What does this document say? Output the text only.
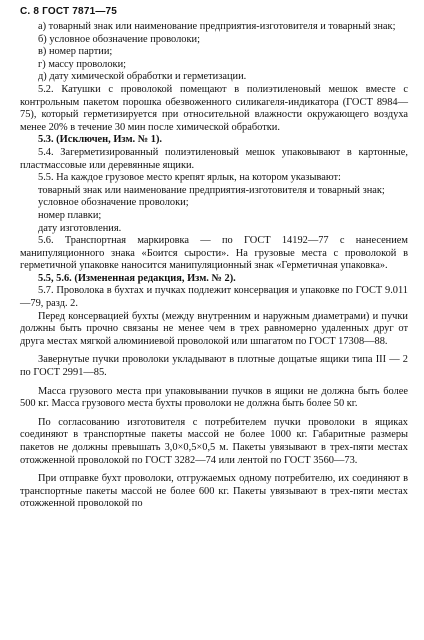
С. 8 ГОСТ 7871—75

а) товарный знак или наименование предприятия-изготовителя и товарный знак;

б) условное обозначение проволоки;

в) номер партии;

г) массу проволоки;

д) дату химической обработки и герметизации.

5.2. Катушки с проволокой помещают в полиэтиленовый мешок вместе с контрольным пакетом порошка обезвоженного силикагеля-индикатора (ГОСТ 8984—75), который герметизируется при относительной влажности окружающего воздуха менее 20% в течение 30 мин после химической обработки.

5.3. (Исключен, Изм. № 1).

5.4. Загерметизированный полиэтиленовый мешок упаковывают в картонные, пластмассовые или деревянные ящики.

5.5. На каждое грузовое место крепят ярлык, на котором указывают:

товарный знак или наименование предприятия-изготовителя и товарный знак;

условное обозначение проволоки;

номер плавки;

дату изготовления.

5.6. Транспортная маркировка — по ГОСТ 14192—77 с нанесением манипуляционного знака «Боится сырости». На грузовые места с проволокой в герметичной упаковке наносится манипуляционный знак «Герметичная упаковка».

5.5, 5.6. (Измененная редакция, Изм. № 2).

5.7. Проволока в бухтах и пучках подлежит консервация и упаковке по ГОСТ 9.011—79, разд. 2.

Перед консервацией бухты (между внутренним и наружным диаметрами) и пучки должны быть прочно связаны не менее чем в трех равномерно удаленных друг от друга местах мягкой алюминиевой проволокой или шпагатом по ГОСТ 17308—88.

Завернутые пучки проволоки укладывают в плотные дощатые ящики типа III — 2 по ГОСТ 2991—85.

Масса грузового места при упаковывании пучков в ящики не должна быть более 500 кг. Масса грузового места бухты проволоки не должна быть более 50 кг.

По согласованию изготовителя с потребителем пучки проволоки в ящиках соединяют в транспортные пакеты массой не более 1000 кг. Габаритные размеры пакетов не должны превышать 3,0×0,5×0,5 м. Пакеты увязывают в трех-пяти местах отожженной проволокой по ГОСТ 3282—74 или лентой по ГОСТ 3560—73.

При отправке бухт проволоки, отгружаемых одному потребителю, их соединяют в транспортные пакеты массой не более 600 кг. Пакеты увязывают в трех-пяти местах отожженной проволокой по
